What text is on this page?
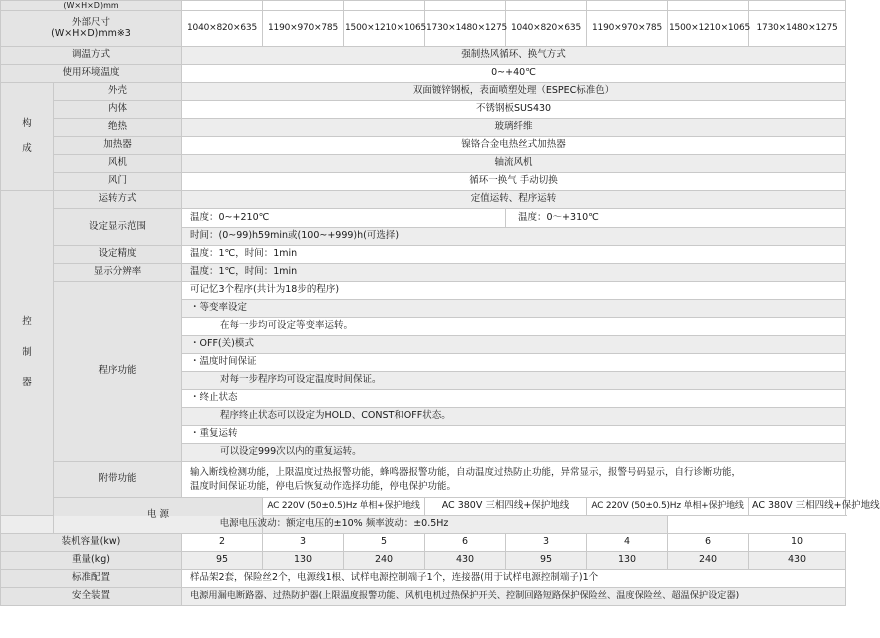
(W×H×D)mm									

外部尺寸
(W×H×D)mm※3		1040×820×635	1190×970×785	1500×1210×1065	1730×1480×1275	1040×820×635	1190×970×785	1500×1210×1065	1730×1480×1275
调温方式		强制热风循环、换气方式							
使用环境温度		0~+40℃							

构
成	外壳	双面镀锌钢板，表面喷塑处理（ESPEC标准色）							
	内体	不锈钢板SUS430							
	绝热	玻璃纤维							
	加热器	镍铬合金电热丝式加热器							
	风机	轴流风机							
	风门	循环一换气 手动切换							

控
制
器	运转方式	定值运转、程序运转							
	设定显示范围	温度：0~+210℃				温度：0～+310℃			
		时间：(0~99)h59min或(100~+999)h(可选择)							
	设定精度	温度：1℃，时间：1min							
	显示分辨率	温度：1℃，时间：1min							
	程序功能	可记忆3个程序(共计为18步的程序)							
		・等变率设定							
		在每一步均可设定等变率运转。							
		・OFF(关)模式							
		・温度时间保证							
		对每一步程序均可设定温度时间保证。							
		・终止状态							
		程序终止状态可以设定为HOLD、CONST和OFF状态。							
		・重复运转							
		可以设定999次以内的重复运转。							
	附带功能	输入断线检测功能，上限温度过热报警功能，蜂鸣器报警功能，自动温度过热防止功能，异常显示，报警号码显示，自行诊断功能，
温度时间保证功能，停电后恢复动作选择功能，停电保护功能。							

	电 源		AC 220V (50±0.5)Hz 单相+保护地线		AC 380V 三相四线+保护地线		AC 220V (50±0.5)Hz 单相+保护地线		AC 380V 三相四线+保护地线
电源电压波动：额定电压的±10% 频率波动：±0.5Hz									
装机容量(kw)		2	3	5	6	3	4	6	10
重量(kg)		95	130	240	430	95	130	240	430
标准配置		样品架2套，保险丝2个，电源线1根、试样电源控制端子1个，连接器(用于试样电源控制端子)1个							
安全装置		电源用漏电断路器、过热防护器(上限温度报警功能、风机电机过热保护开关、控制回路短路保护保险丝、温度保险丝、超温保护设定器)							
